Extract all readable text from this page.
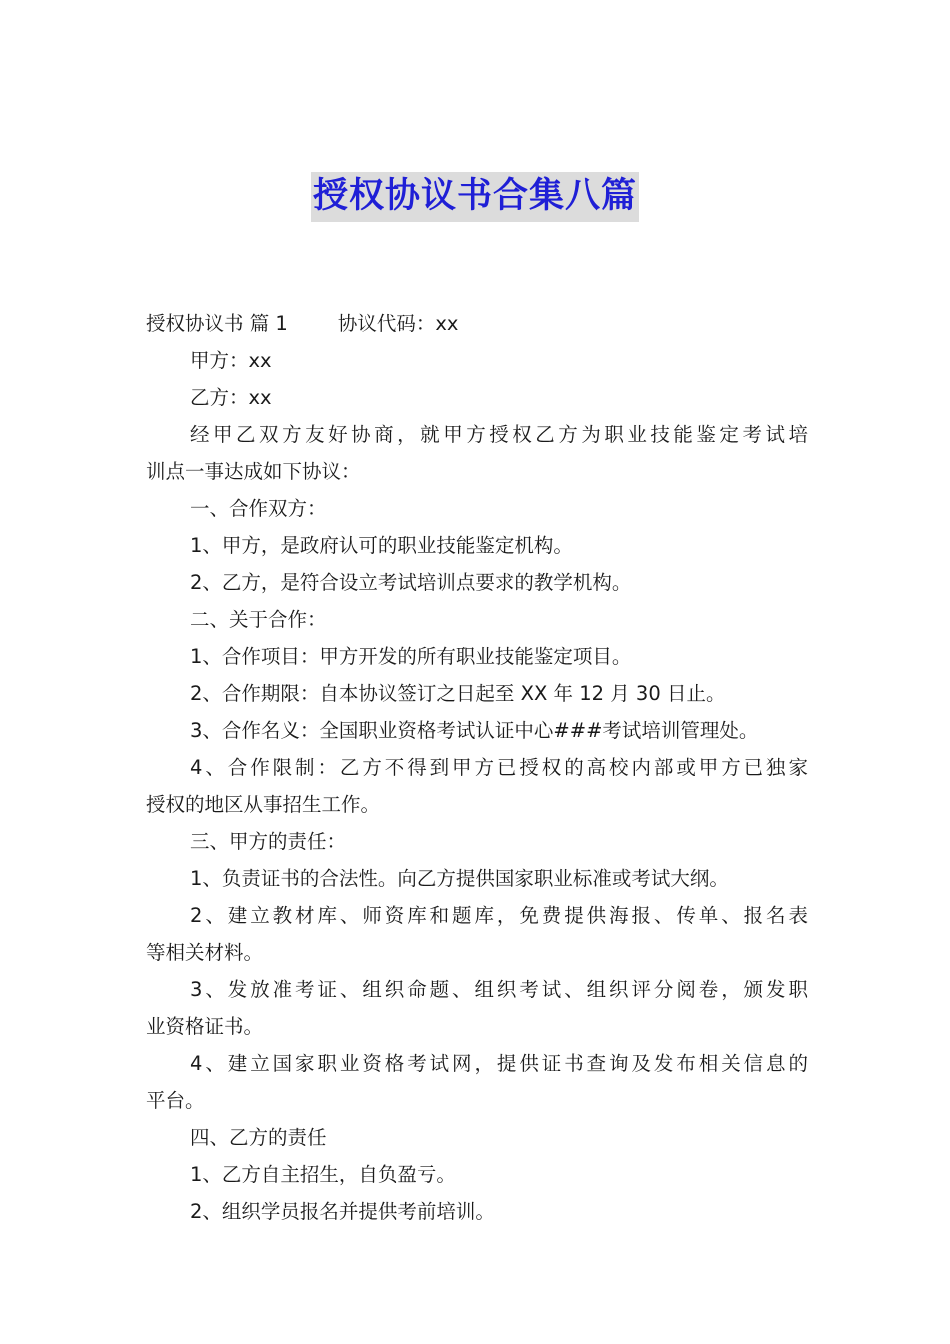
授权协议书合集八篇
授权协议书 篇 1	协议代码：xx
甲方：xx
乙方：xx
经甲乙双方友好协商，就甲方授权乙方为职业技能鉴定考试培
训点一事达成如下协议：
一、合作双方：
1、甲方，是政府认可的职业技能鉴定机构。
2、乙方，是符合设立考试培训点要求的教学机构。
二、关于合作：
1、合作项目：甲方开发的所有职业技能鉴定项目。
2、合作期限：自本协议签订之日起至 XX 年 12 月 30 日止。
3、合作名义：全国职业资格考试认证中心###考试培训管理处。
4、合作限制：乙方不得到甲方已授权的高校内部或甲方已独家
授权的地区从事招生工作。
三、甲方的责任：
1、负责证书的合法性。向乙方提供国家职业标准或考试大纲。
2、建立教材库、师资库和题库，免费提供海报、传单、报名表
等相关材料。
3、发放准考证、组织命题、组织考试、组织评分阅卷，颁发职
业资格证书。
4、建立国家职业资格考试网，提供证书查询及发布相关信息的
平台。
四、乙方的责任
1、乙方自主招生，自负盈亏。
2、组织学员报名并提供考前培训。
